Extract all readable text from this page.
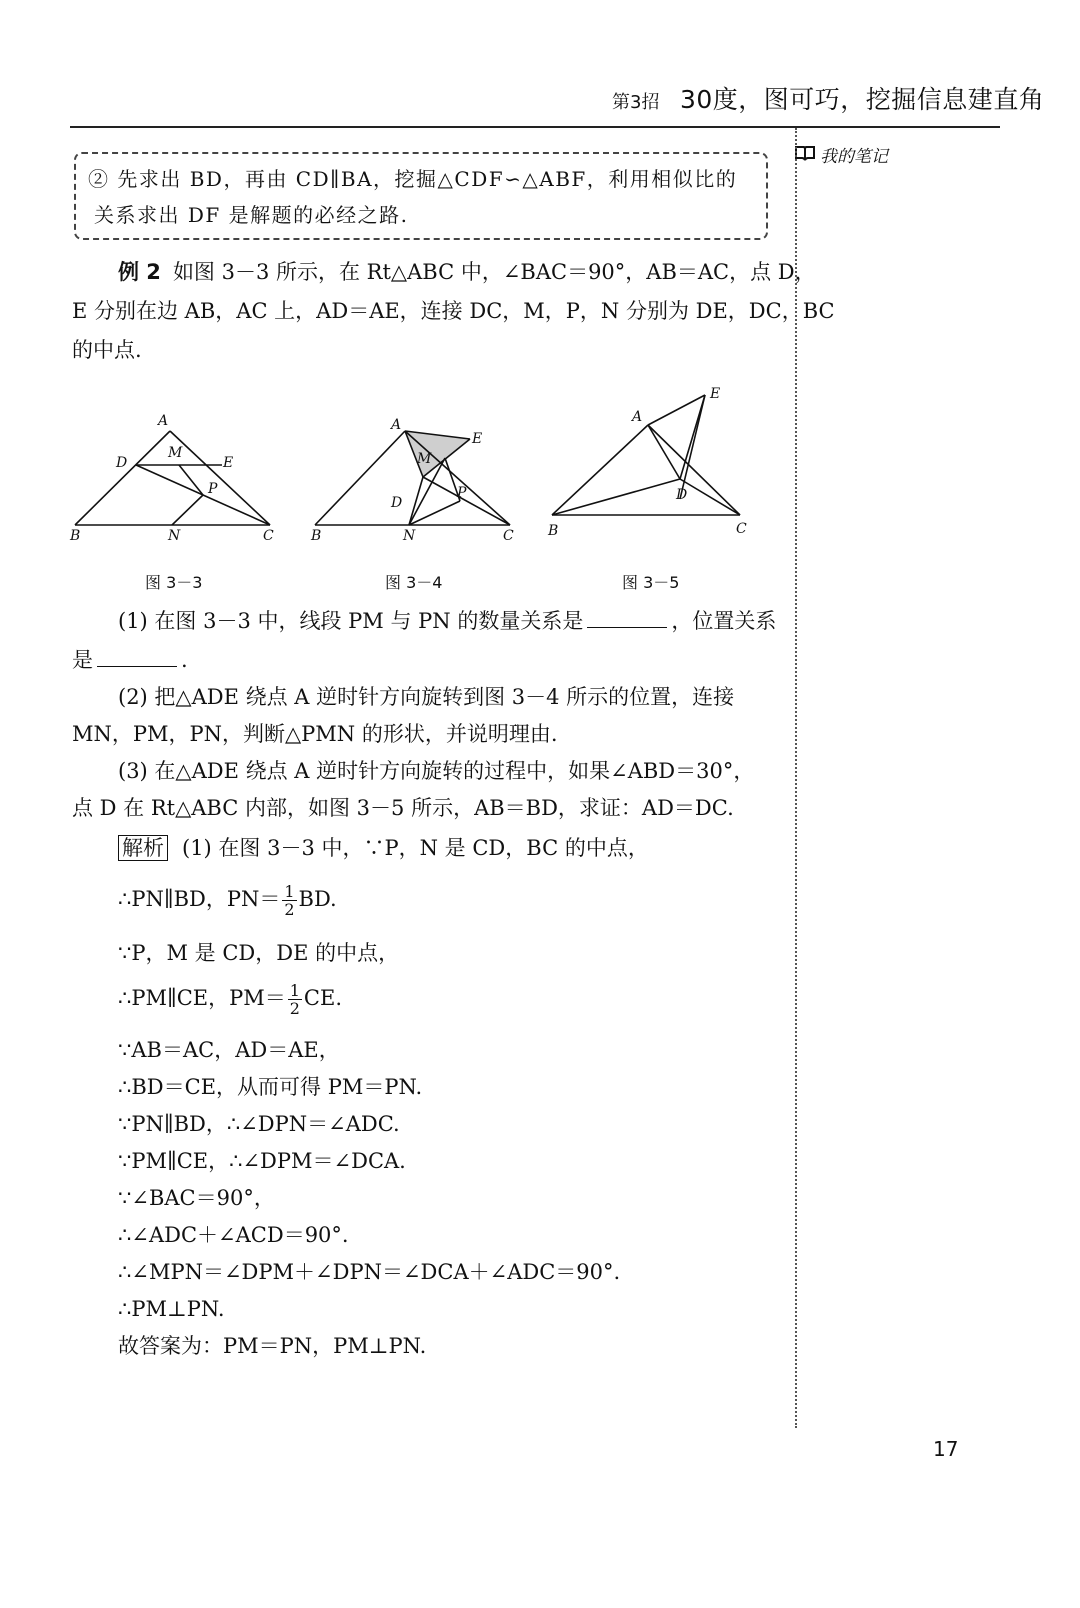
第3招 30度，图可巧，挖掘信息建直角
我的笔记
② 先求出 BD，再由 CD∥BA，挖掘△CDF∽△ABF，利用相似比的
关系求出 DF 是解题的必经之路.
例 2 如图 3－3 所示，在 Rt△ABC 中，∠BAC＝90°，AB＝AC，点 D，
E 分别在边 AB，AC 上，AD＝AE，连接 DC，M，P，N 分别为 DE，DC，BC
的中点.
A
D
M
E
P
B	N	C
图 3－3
A
E
M
D
P
B	N	C
图 3－4
E
A
D
B	C
图 3－5
(1) 在图 3－3 中，线段 PM 与 PN 的数量关系是	，位置关系
是	.
(2) 把△ADE 绕点 A 逆时针方向旋转到图 3－4 所示的位置，连接
MN，PM，PN，判断△PMN 的形状，并说明理由.
(3) 在△ADE 绕点 A 逆时针方向旋转的过程中，如果∠ABD＝30°，
点 D 在 Rt△ABC 内部，如图 3－5 所示，AB＝BD，求证：AD＝DC.
解析 (1) 在图 3－3 中，∵P，N 是 CD，BC 的中点，
∴PN∥BD，$PN= \frac{1}{2}$ BD.
∵P，M 是 CD，DE 的中点，
∴PM∥CE，$PM= \frac{1}{2}$ CE.
∵AB＝AC，AD＝AE，
∴BD＝CE，从而可得 PM＝PN.
∵PN∥BD，∴∠DPN＝∠ADC.
∵PM∥CE，∴∠DPM＝∠DCA.
∵∠BAC＝90°，
∴∠ADC＋∠ACD＝90°.
∴∠MPN＝∠DPM＋∠DPN＝∠DCA＋∠ADC＝90°.
∴PM⊥PN.
故答案为：PM＝PN，PM⊥PN.
17
